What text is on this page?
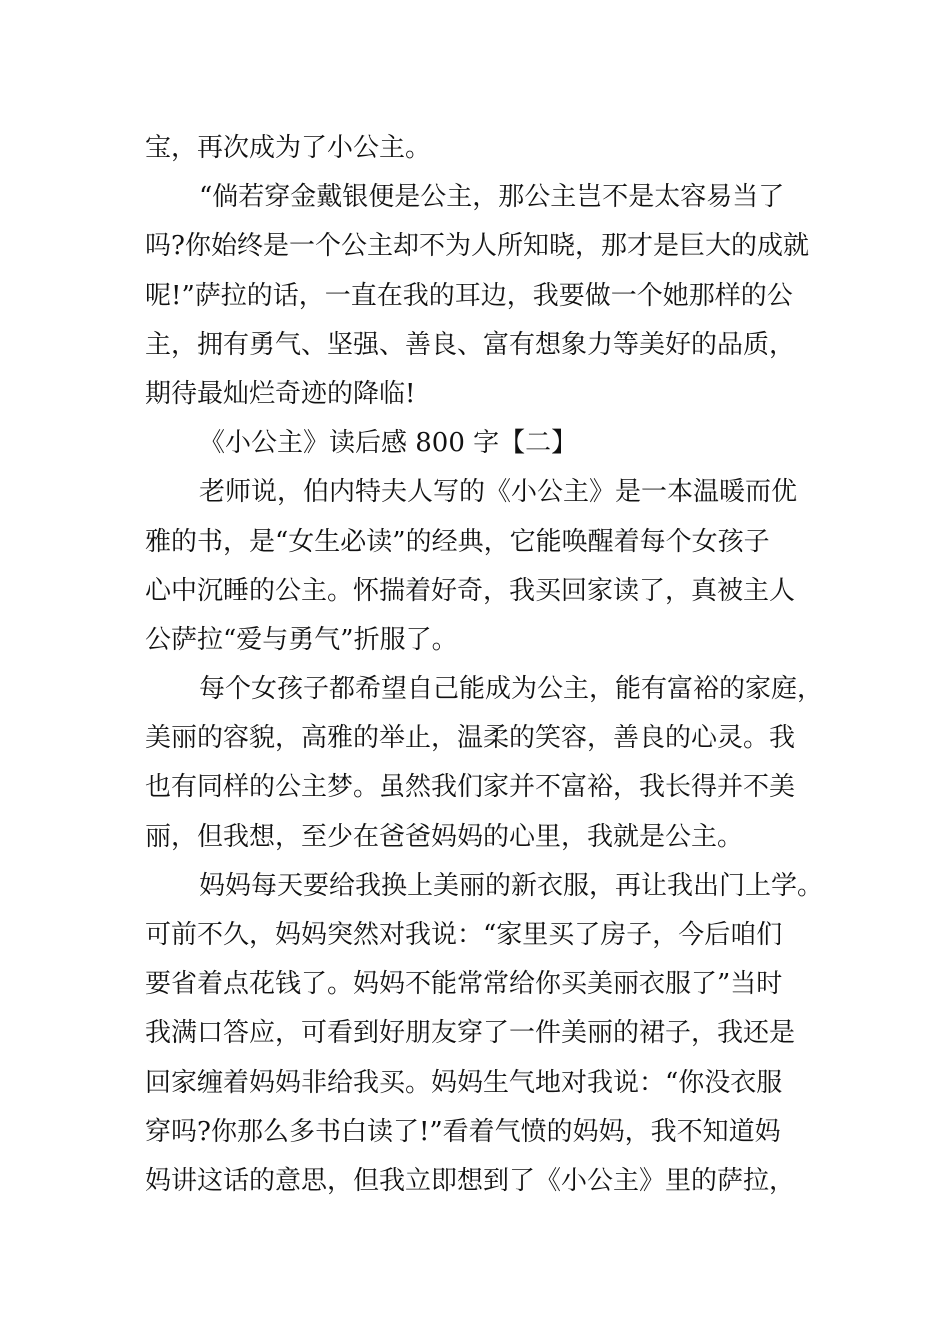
宝，再次成为了小公主。
“倘若穿金戴银便是公主，那公主岂不是太容易当了
吗?你始终是一个公主却不为人所知晓，那才是巨大的成就
呢!”萨拉的话，一直在我的耳边，我要做一个她那样的公
主，拥有勇气、坚强、善良、富有想象力等美好的品质，
期待最灿烂奇迹的降临!
《小公主》读后感 800 字【二】
老师说，伯内特夫人写的《小公主》是一本温暖而优
雅的书，是“女生必读”的经典，它能唤醒着每个女孩子
心中沉睡的公主。怀揣着好奇，我买回家读了，真被主人
公萨拉“爱与勇气”折服了。
每个女孩子都希望自己能成为公主，能有富裕的家庭，
美丽的容貌，高雅的举止，温柔的笑容，善良的心灵。我
也有同样的公主梦。虽然我们家并不富裕，我长得并不美
丽，但我想，至少在爸爸妈妈的心里，我就是公主。
妈妈每天要给我换上美丽的新衣服，再让我出门上学。
可前不久，妈妈突然对我说：“家里买了房子，今后咱们
要省着点花钱了。妈妈不能常常给你买美丽衣服了”当时
我满口答应，可看到好朋友穿了一件美丽的裙子，我还是
回家缠着妈妈非给我买。妈妈生气地对我说：“你没衣服
穿吗?你那么多书白读了!”看着气愤的妈妈，我不知道妈
妈讲这话的意思，但我立即想到了《小公主》里的萨拉，
